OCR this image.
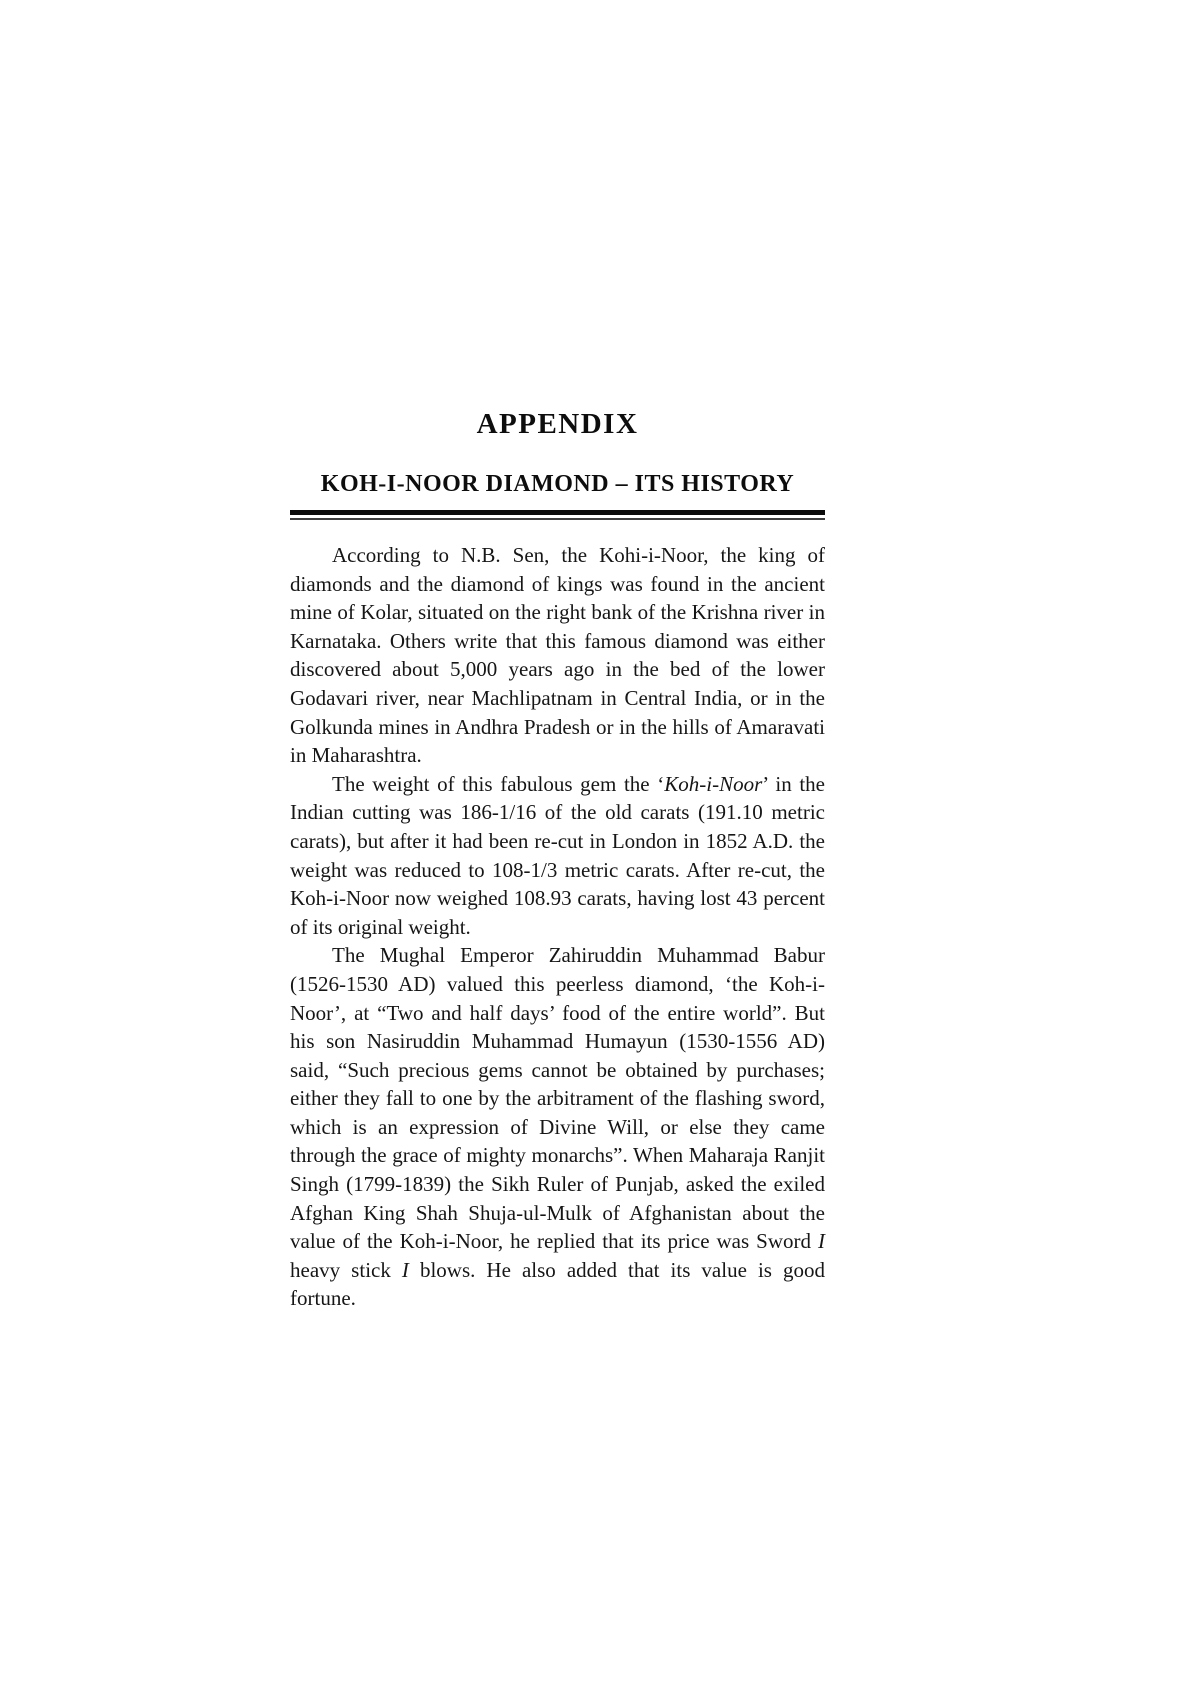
APPENDIX
KOH-I-NOOR DIAMOND – ITS HISTORY

According to N.B. Sen, the Kohi-i-Noor, the king of diamonds and the diamond of kings was found in the ancient mine of Kolar, situated on the right bank of the Krishna river in Karnataka. Others write that this famous diamond was either discovered about 5,000 years ago in the bed of the lower Godavari river, near Machlipatnam in Central India, or in the Golkunda mines in Andhra Pradesh or in the hills of Amaravati in Maharashtra.

The weight of this fabulous gem the ‘Koh-i-Noor’ in the Indian cutting was 186-1/16 of the old carats (191.10 metric carats), but after it had been re-cut in London in 1852 A.D. the weight was reduced to 108-1/3 metric carats. After re-cut, the Koh-i-Noor now weighed 108.93 carats, having lost 43 percent of its original weight.

The Mughal Emperor Zahiruddin Muhammad Babur (1526-1530 AD) valued this peerless diamond, ‘the Koh-i-Noor’, at “Two and half days’ food of the entire world”. But his son Nasiruddin Muhammad Humayun (1530-1556 AD) said, “Such precious gems cannot be obtained by purchases; either they fall to one by the arbitrament of the flashing sword, which is an expression of Divine Will, or else they came through the grace of mighty monarchs”. When Maharaja Ranjit Singh (1799-1839) the Sikh Ruler of Punjab, asked the exiled Afghan King Shah Shuja-ul-Mulk of Afghanistan about the value of the Koh-i-Noor, he replied that its price was Sword I heavy stick I blows. He also added that its value is good fortune.
